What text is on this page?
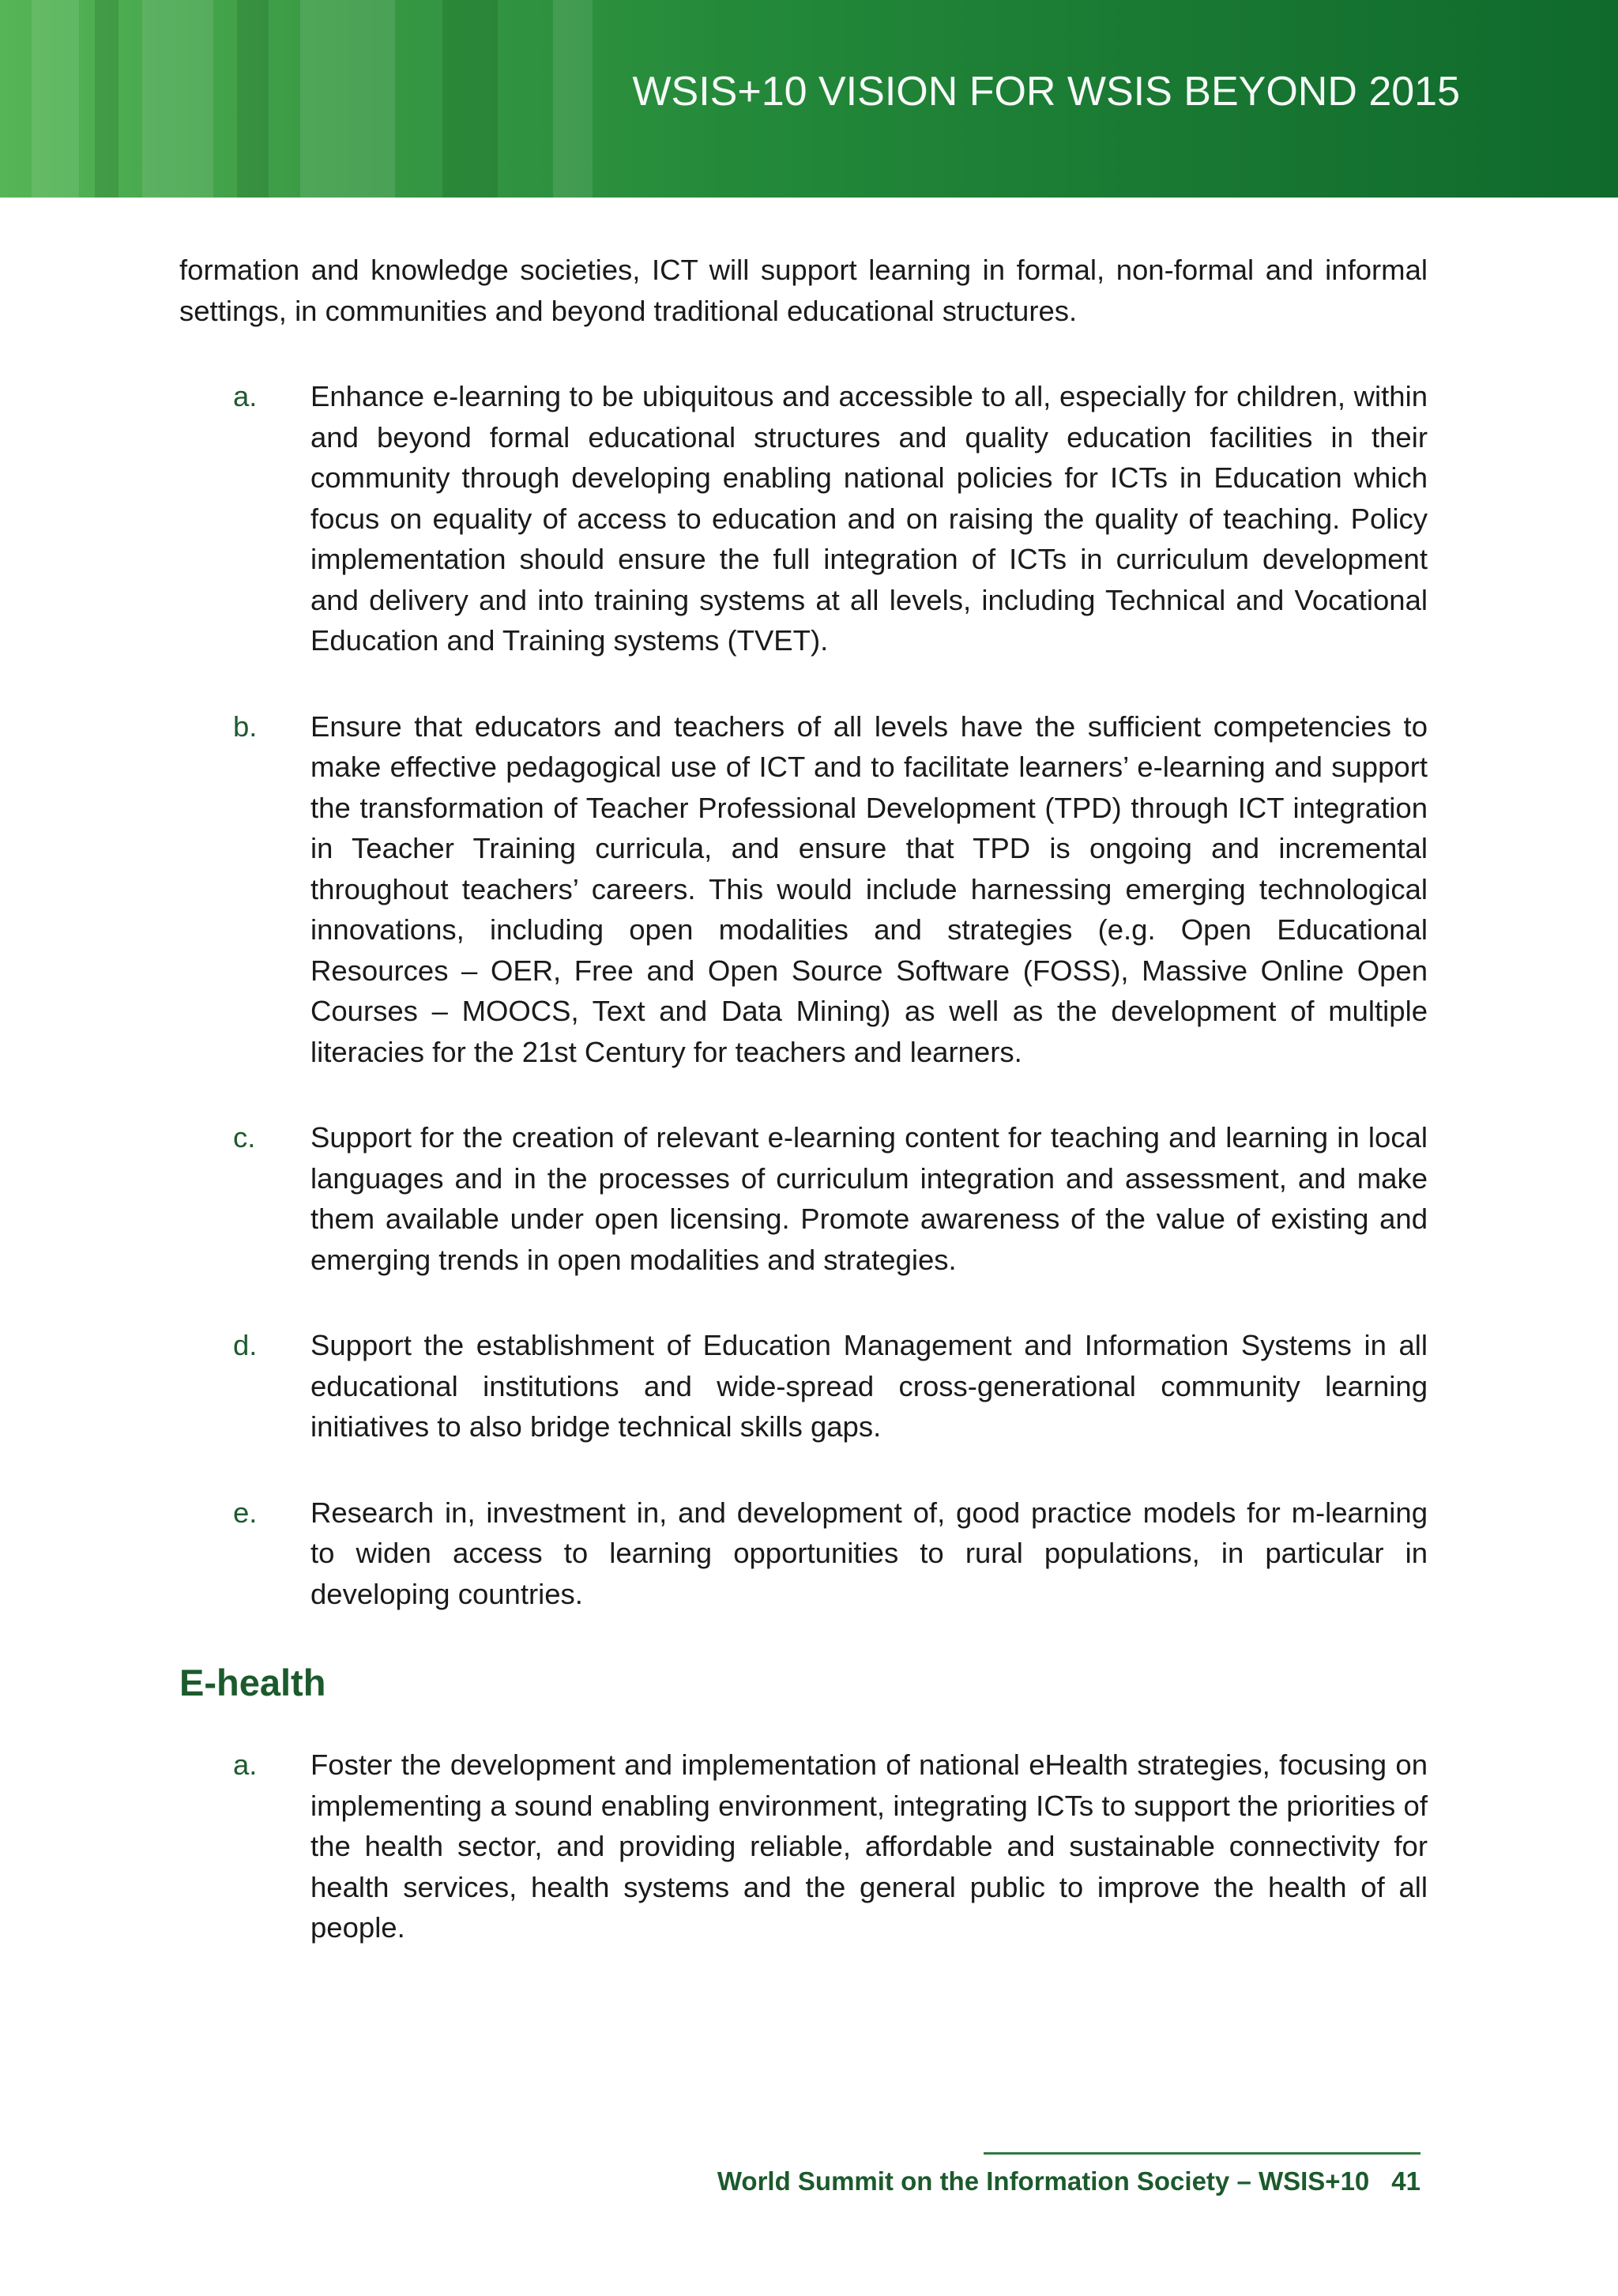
WSIS+10 VISION FOR WSIS BEYOND 2015

formation and knowledge societies, ICT will support learning in formal, non-formal and informal settings, in communities and beyond traditional educational structures.

a. Enhance e-learning to be ubiquitous and accessible to all, especially for children, within and beyond formal educational structures and quality education facilities in their community through developing enabling national policies for ICTs in Education which focus on equality of access to education and on raising the quality of teaching. Policy implementation should ensure the full integration of ICTs in curriculum development and delivery and into training systems at all levels, including Technical and Vocational Education and Training systems (TVET).
b. Ensure that educators and teachers of all levels have the sufficient competencies to make effective pedagogical use of ICT and to facilitate learners’ e-learning and support the transformation of Teacher Professional Development (TPD) through ICT integration in Teacher Training curricula, and ensure that TPD is ongoing and incremental throughout teachers’ careers. This would include harnessing emerging technological innovations, including open modalities and strategies (e.g. Open Educational Resources – OER, Free and Open Source Software (FOSS), Massive Online Open Courses – MOOCS, Text and Data Mining) as well as the development of multiple literacies for the 21st Century for teachers and learners.
c. Support for the creation of relevant e-learning content for teaching and learning in local languages and in the processes of curriculum integration and assessment, and make them available under open licensing. Promote awareness of the value of existing and emerging trends in open modalities and strategies.
d. Support the establishment of Education Management and Information Systems in all educational institutions and wide-spread cross-generational community learning initiatives to also bridge technical skills gaps.
e. Research in, investment in, and development of, good practice models for m-learning to widen access to learning opportunities to rural populations, in particular in developing countries.
E-health
a. Foster the development and implementation of national eHealth strategies, focusing on implementing a sound enabling environment, integrating ICTs to support the priorities of the health sector, and providing reliable, affordable and sustainable connectivity for health services, health systems and the general public to improve the health of all people.
World Summit on the Information Society – WSIS+10 41
